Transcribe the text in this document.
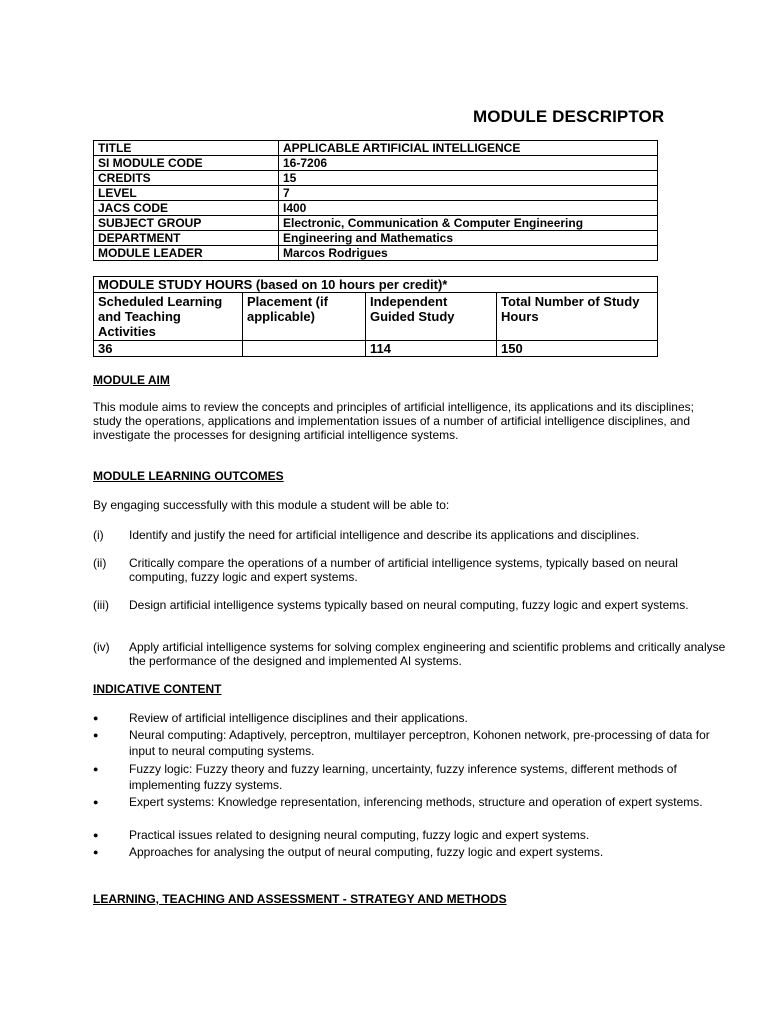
MODULE DESCRIPTOR
TITLE	APPLICABLE ARTIFICIAL INTELLIGENCE
SI MODULE CODE	16-7206
CREDITS	15
LEVEL	7
JACS CODE	I400
SUBJECT GROUP	Electronic, Communication & Computer Engineering
DEPARTMENT	Engineering and Mathematics
MODULE LEADER	Marcos Rodrigues
MODULE STUDY HOURS (based on 10 hours per credit)*			
Scheduled Learning and Teaching Activities	Placement (if applicable)	Independent Guided Study	Total Number of Study Hours
36		114	150
MODULE AIM
This module aims to review the concepts and principles of artificial intelligence, its applications and its disciplines; study the operations, applications and implementation issues of a number of artificial intelligence disciplines, and investigate the processes for designing artificial intelligence systems.
MODULE LEARNING OUTCOMES
By engaging successfully with this module a student will be able to:
(i) Identify and justify the need for artificial intelligence and describe its applications and disciplines.
(ii) Critically compare the operations of a number of artificial intelligence systems, typically based on neural computing, fuzzy logic and expert systems.
(iii) Design artificial intelligence systems typically based on neural computing, fuzzy logic and expert systems.
(iv) Apply artificial intelligence systems for solving complex engineering and scientific problems and critically analyse the performance of the designed and implemented AI systems.
INDICATIVE CONTENT
●	Review of artificial intelligence disciplines and their applications.
●	Neural computing: Adaptively, perceptron, multilayer perceptron, Kohonen network, pre-processing of data for input to neural computing systems.
●	Fuzzy logic: Fuzzy theory and fuzzy learning, uncertainty, fuzzy inference systems, different methods of implementing fuzzy systems.
●	Expert systems: Knowledge representation, inferencing methods, structure and operation of expert systems.
●	Practical issues related to designing neural computing, fuzzy logic and expert systems.
●	Approaches for analysing the output of neural computing, fuzzy logic and expert systems.
LEARNING, TEACHING AND ASSESSMENT - STRATEGY AND METHODS
